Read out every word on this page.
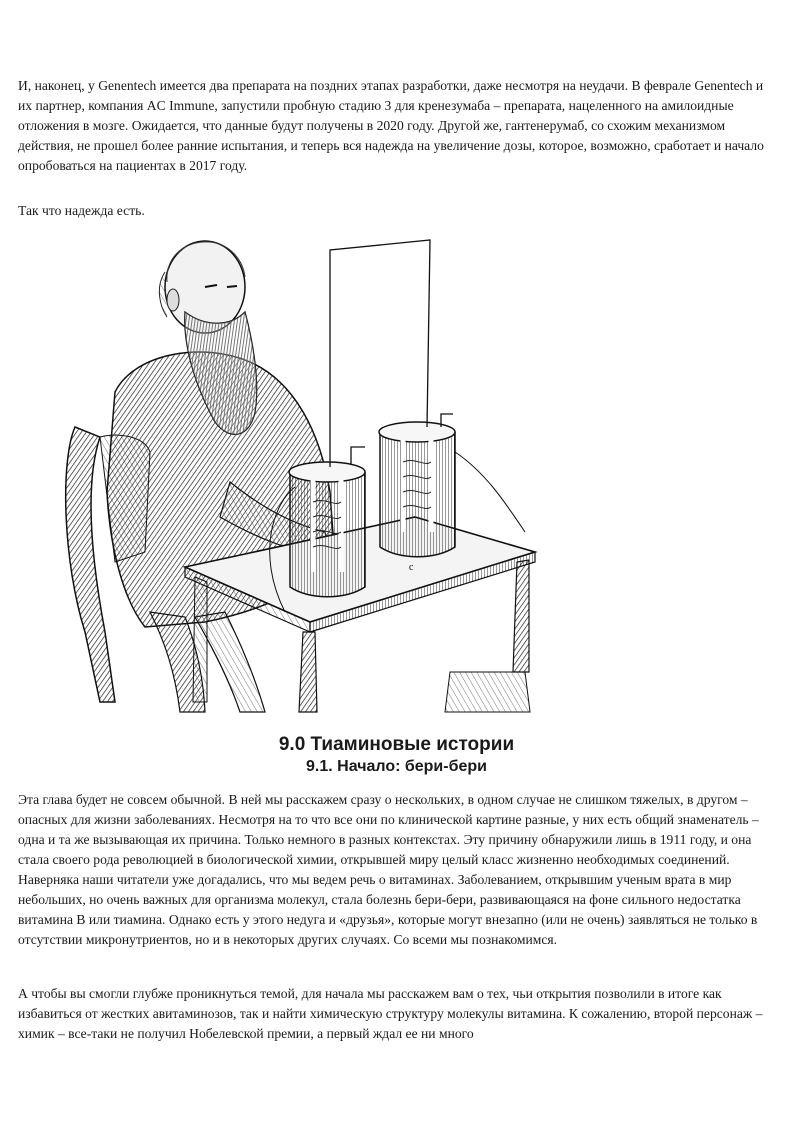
И, наконец, у Genentech имеется два препарата на поздних этапах разработки, даже несмотря на неудачи. В феврале Genentech и их партнер, компания AC Immune, запустили пробную стадию 3 для кренезумаба – препарата, нацеленного на амилоидные отложения в мозге. Ожидается, что данные будут получены в 2020 году. Другой же, гантенерумаб, со схожим механизмом действия, не прошел более ранние испытания, и теперь вся надежда на увеличение дозы, которое, возможно, сработает и начало опробоваться на пациентах в 2017 году.

Так что надежда есть.

c
9.0 Тиаминовые истории
9.1. Начало: бери-бери

Эта глава будет не совсем обычной. В ней мы расскажем сразу о нескольких, в одном случае не слишком тяжелых, в другом – опасных для жизни заболеваниях. Несмотря на то что все они по клинической картине разные, у них есть общий знаменатель – одна и та же вызывающая их причина. Только немного в разных контекстах. Эту причину обнаружили лишь в 1911 году, и она стала своего рода революцией в биологической химии, открывшей миру целый класс жизненно необходимых соединений. Наверняка наши читатели уже догадались, что мы ведем речь о витаминах. Заболеванием, открывшим ученым врата в мир небольших, но очень важных для организма молекул, стала болезнь бери-бери, развивающаяся на фоне сильного недостатка витамина В или тиамина. Однако есть у этого недуга и «друзья», которые могут внезапно (или не очень) заявляться не только в отсутствии микронутриентов, но и в некоторых других случаях. Со всеми мы познакомимся.

А чтобы вы смогли глубже проникнуться темой, для начала мы расскажем вам о тех, чьи открытия позволили в итоге как избавиться от жестких авитаминозов, так и найти химическую структуру молекулы витамина. К сожалению, второй персонаж – химик – все-таки не получил Нобелевской премии, а первый ждал ее ни много
